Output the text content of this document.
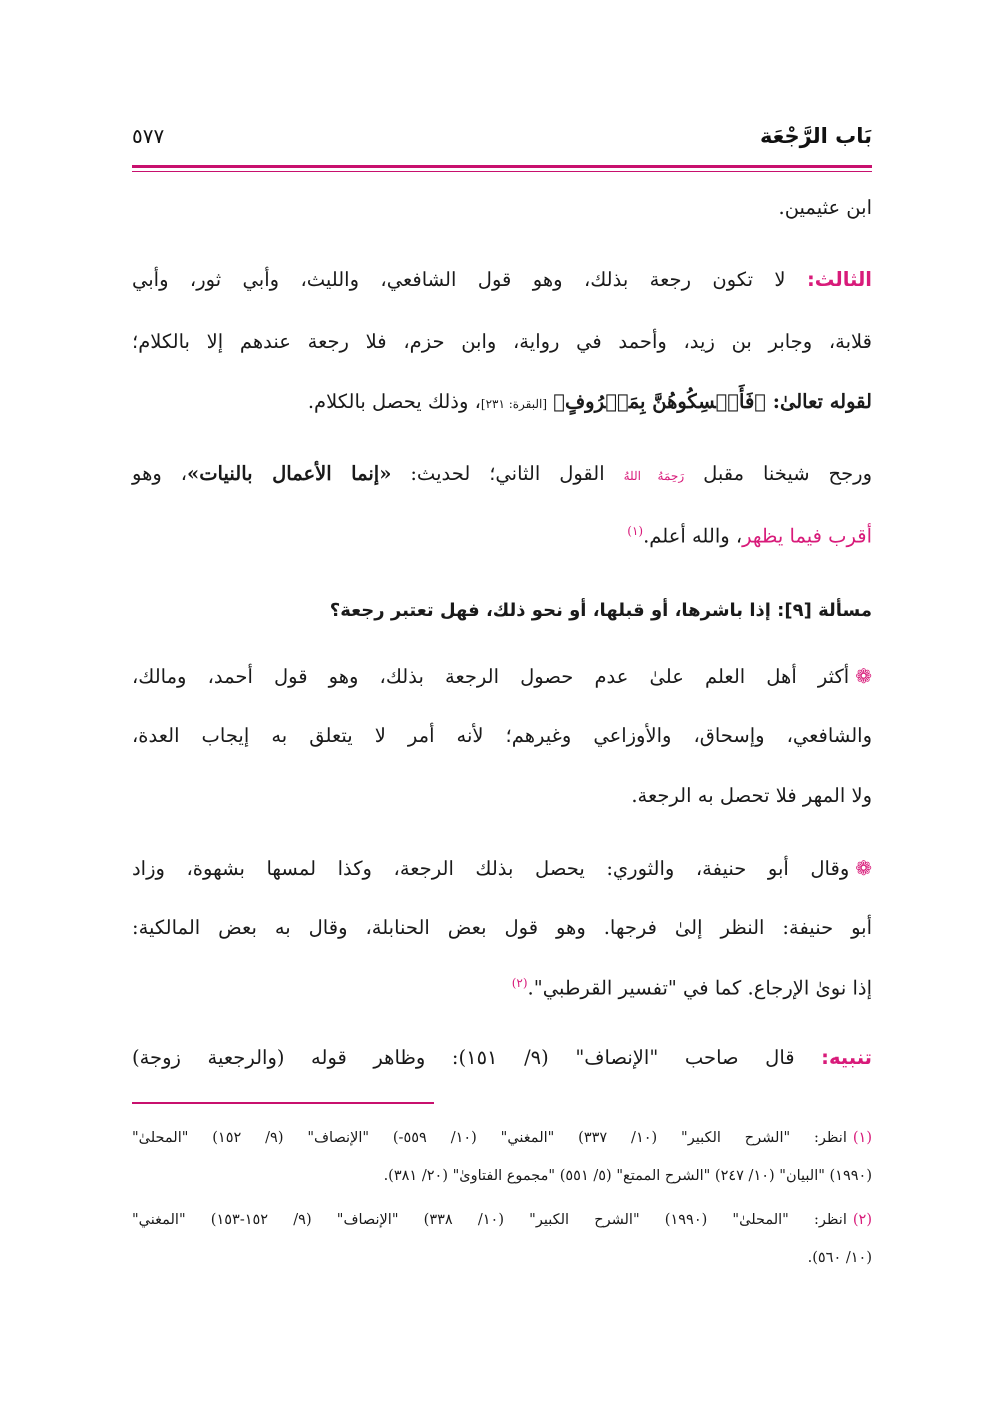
بَاب الرَّجْعَة
٥٧٧
ابن عثيمين.
الثالث: لا تكون رجعة بذلك، وهو قول الشافعي، والليث، وأبي ثور، وأبي
قلابة، وجابر بن زيد، وأحمد في رواية، وابن حزم، فلا رجعة عندهم إلا بالكلام؛
لقوله تعالىٰ: ﴿فَأَمۡسِكُوهُنَّ بِمَعۡرُوفٍ﴾ [البقرة: ٢٣١]، وذلك يحصل بالكلام.
ورجح شيخنا مقبل رَحِمَهُ اللهُ القول الثاني؛ لحديث: «إنما الأعمال بالنيات»، وهو
أقرب فيما يظهر، والله أعلم.$^{(١)}$
مسألة [٩]: إذا باشرها، أو قبلها، أو نحو ذلك، فهل تعتبر رجعة؟
❁أكثر أهل العلم علىٰ عدم حصول الرجعة بذلك، وهو قول أحمد، ومالك،
والشافعي، وإسحاق، والأوزاعي وغيرهم؛ لأنه أمر لا يتعلق به إيجاب العدة،
ولا المهر فلا تحصل به الرجعة.
❁وقال أبو حنيفة، والثوري: يحصل بذلك الرجعة، وكذا لمسها بشهوة، وزاد
أبو حنيفة: النظر إلىٰ فرجها. وهو قول بعض الحنابلة، وقال به بعض المالكية:
إذا نوىٰ الإرجاع. كما في "تفسير القرطبي".$^{(٢)}$
تنبيه: قال صاحب "الإنصاف" (٩/ ١٥١): وظاهر قوله (والرجعية زوجة)
(١)انظر: "الشرح الكبير" (١٠/ ٣٣٧) "المغني" (١٠/ ٥٥٩-) "الإنصاف" (٩/ ١٥٢) "المحلىٰ"
(١٩٩٠) "البيان" (١٠/ ٢٤٧) "الشرح الممتع" (٥/ ٥٥١) "مجموع الفتاوىٰ" (٢٠/ ٣٨١).
(٢)انظر: "المحلىٰ" (١٩٩٠) "الشرح الكبير" (١٠/ ٣٣٨) "الإنصاف" (٩/ ١٥٢-١٥٣) "المغني"
(١٠/ ٥٦٠).
